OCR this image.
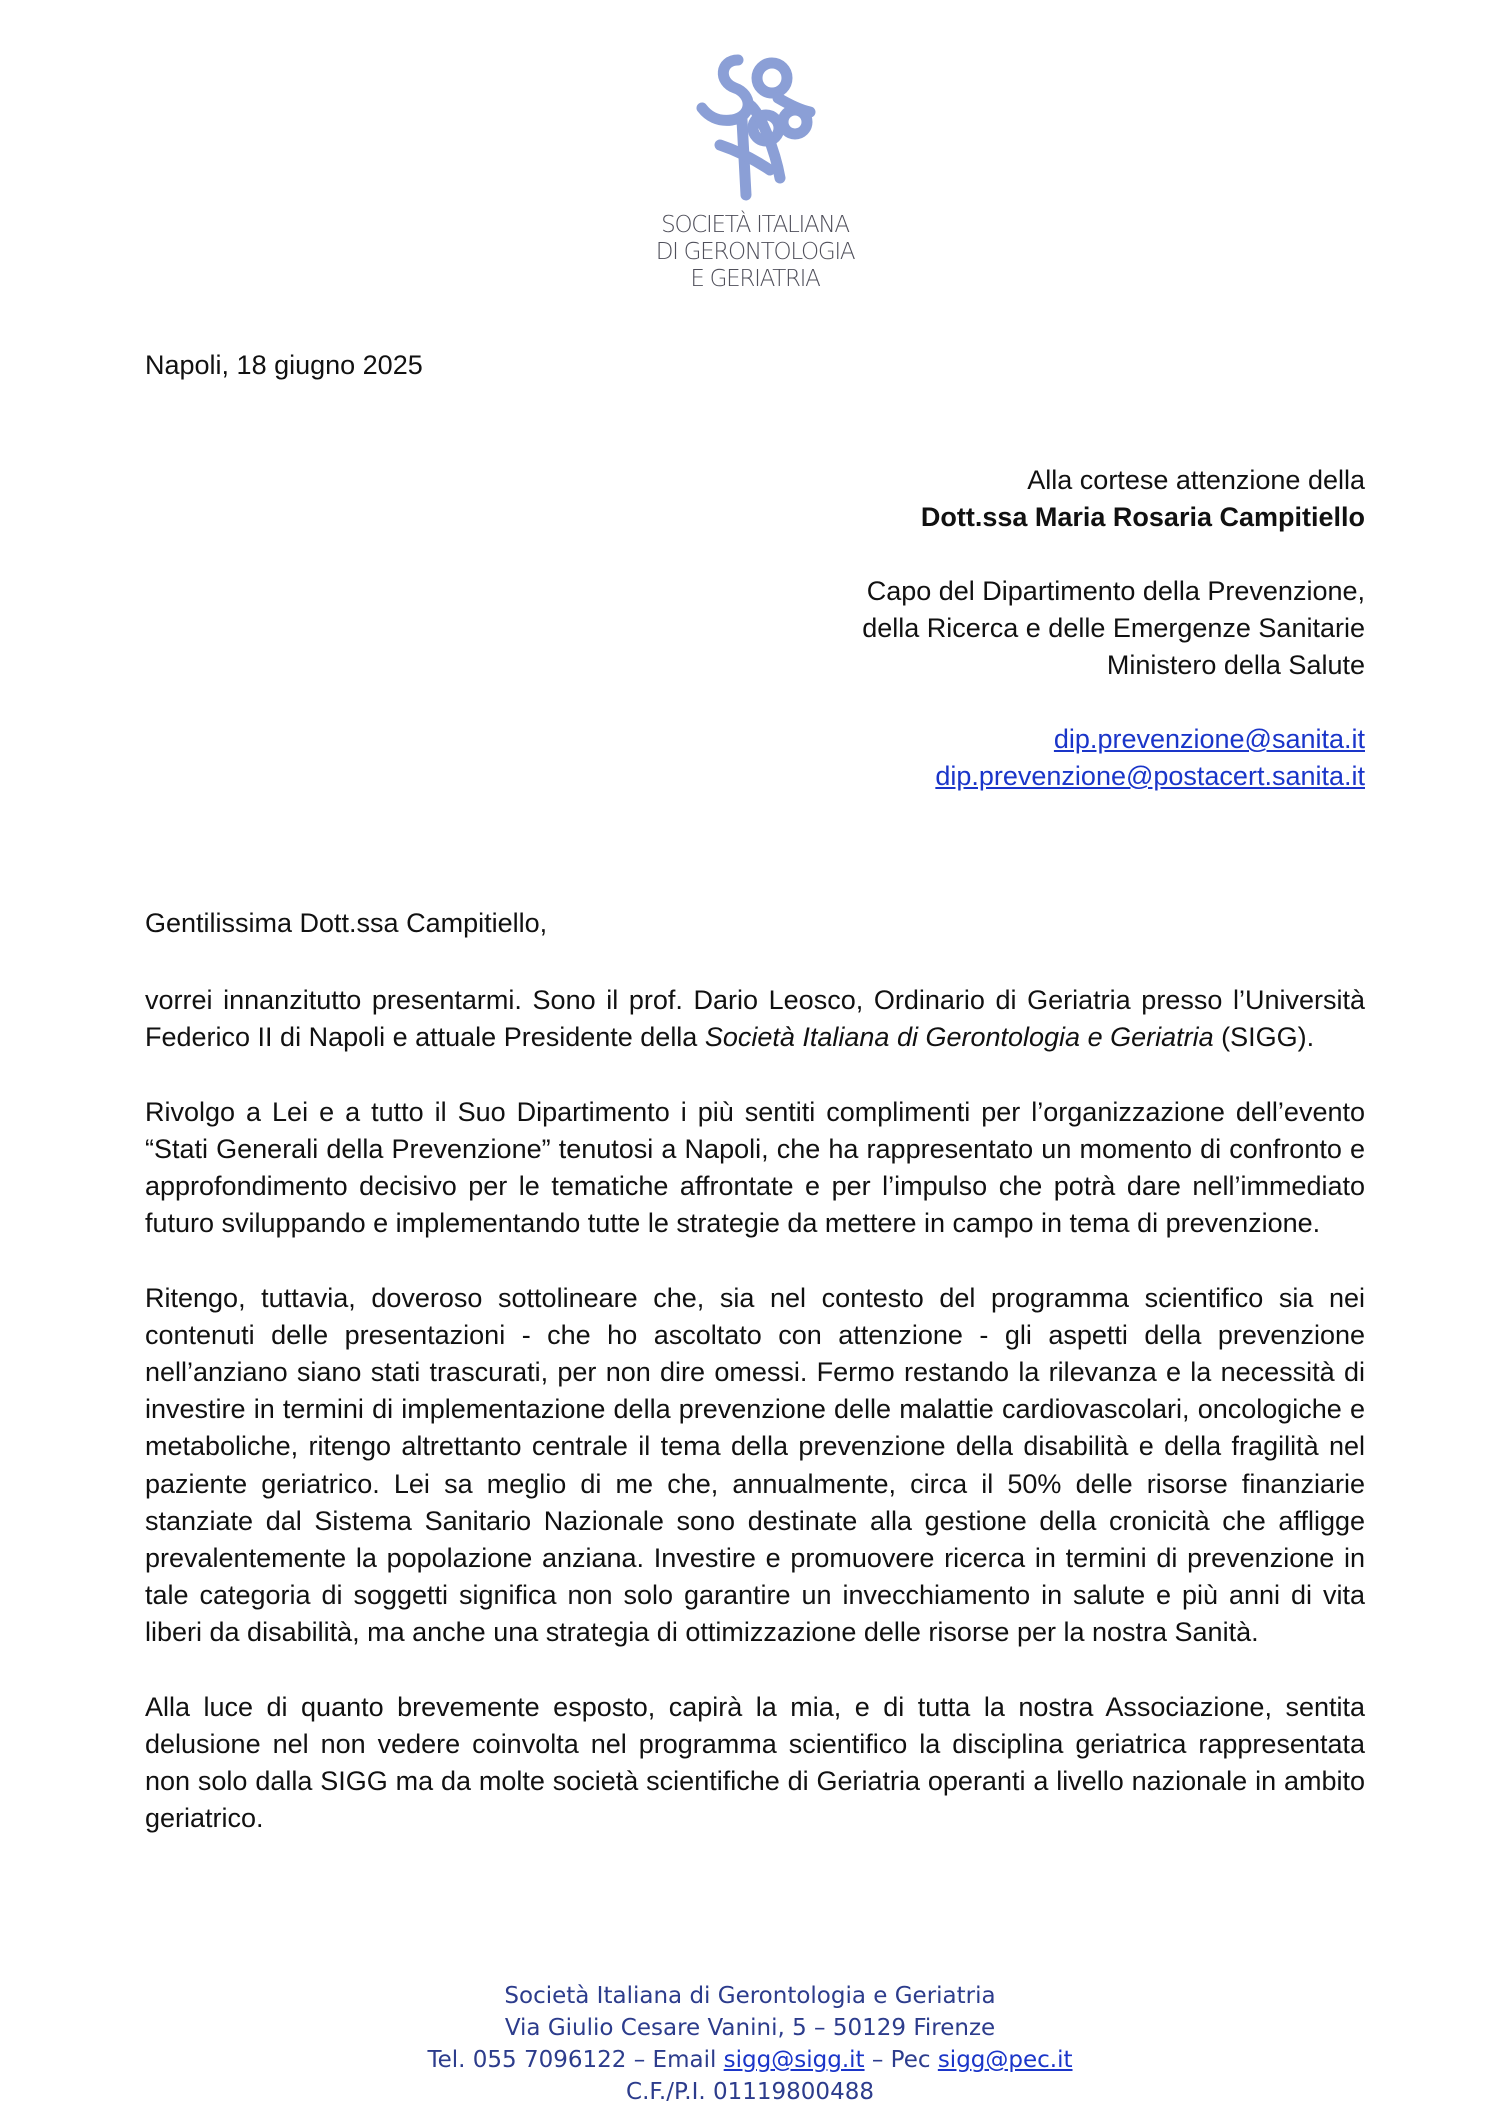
SOCIETÀ ITALIANA
DI GERONTOLOGIA
E GERIATRIA
Napoli, 18 giugno 2025
Alla cortese attenzione della
Dott.ssa Maria Rosaria Campitiello
Capo del Dipartimento della Prevenzione,
della Ricerca e delle Emergenze Sanitarie
Ministero della Salute
dip.prevenzione@sanita.it
dip.prevenzione@postacert.sanita.it
Gentilissima Dott.ssa Campitiello,

vorrei innanzitutto presentarmi. Sono il prof. Dario Leosco, Ordinario di Geriatria presso l’Università Federico II di Napoli e attuale Presidente della Società Italiana di Gerontologia e Geriatria (SIGG).

Rivolgo a Lei e a tutto il Suo Dipartimento i più sentiti complimenti per l’organizzazione dell’evento “Stati Generali della Prevenzione” tenutosi a Napoli, che ha rappresentato un momento di confronto e approfondimento decisivo per le tematiche affrontate e per l’impulso che potrà dare nell’immediato futuro sviluppando e implementando tutte le strategie da mettere in campo in tema di prevenzione.

Ritengo, tuttavia, doveroso sottolineare che, sia nel contesto del programma scientifico sia nei contenuti delle presentazioni - che ho ascoltato con attenzione - gli aspetti della prevenzione nell’anziano siano stati trascurati, per non dire omessi. Fermo restando la rilevanza e la necessità di investire in termini di implementazione della prevenzione delle malattie cardiovascolari, oncologiche e metaboliche, ritengo altrettanto centrale il tema della prevenzione della disabilità e della fragilità nel paziente geriatrico. Lei sa meglio di me che, annualmente, circa il 50% delle risorse finanziarie stanziate dal Sistema Sanitario Nazionale sono destinate alla gestione della cronicità che affligge prevalentemente la popolazione anziana. Investire e promuovere ricerca in termini di prevenzione in tale categoria di soggetti significa non solo garantire un invecchiamento in salute e più anni di vita liberi da disabilità, ma anche una strategia di ottimizzazione delle risorse per la nostra Sanità.

Alla luce di quanto brevemente esposto, capirà la mia, e di tutta la nostra Associazione, sentita delusione nel non vedere coinvolta nel programma scientifico la disciplina geriatrica rappresentata non solo dalla SIGG ma da molte società scientifiche di Geriatria operanti a livello nazionale in ambito geriatrico.

Società Italiana di Gerontologia e Geriatria
Via Giulio Cesare Vanini, 5 – 50129 Firenze
Tel. 055 7096122 – Email sigg@sigg.it – Pec sigg@pec.it
C.F./P.I. 01119800488
